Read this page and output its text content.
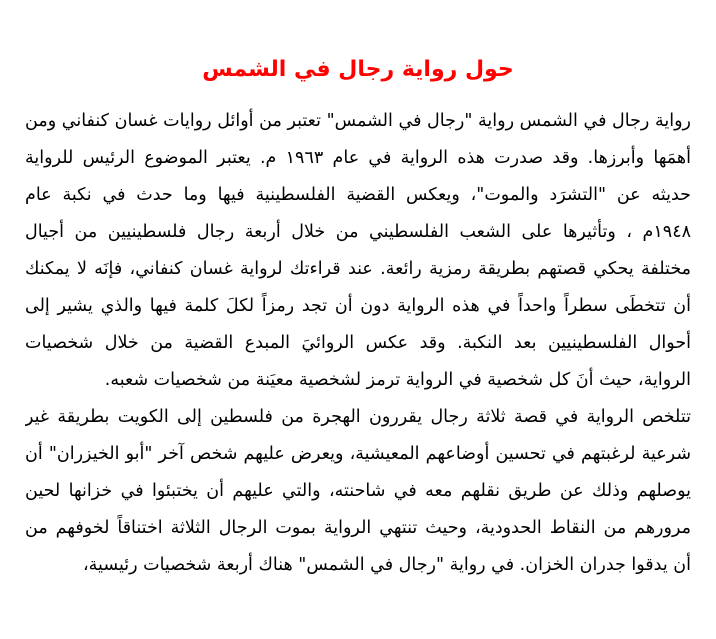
حول رواية رجال في الشمس
رواية رجال في الشمس رواية "رجال في الشمس" تعتبر من أوائل روايات غسان كنفاني ومن
أهمَها وأبرزها. وقد صدرت هذه الرواية في عام ١٩٦٣ م. يعتبر الموضوع الرئيس للرواية
حديثه عن "التشرَد والموت"، ويعكس القضية الفلسطينية فيها وما حدث في نكبة عام
١٩٤٨م ، وتأثيرها على الشعب الفلسطيني من خلال أربعة رجال فلسطينيين من أجيال
مختلفة يحكي قصتهم بطريقة رمزية رائعة. عند قراءتك لرواية غسان كنفاني، فإنَه لا يمكنك
أن تتخطَى سطراً واحداً في هذه الرواية دون أن تجد رمزاً لكلَ كلمة فيها والذي يشير إلى
أحوال الفلسطينيين بعد النكبة. وقد عكس الروائيَ المبدع القضية من خلال شخصيات
الرواية، حيث أنَ كل شخصية في الرواية ترمز لشخصية معيَنة من شخصيات شعبه.
تتلخص الرواية في قصة ثلاثة رجال يقررون الهجرة من فلسطين إلى الكويت بطريقة غير
شرعية لرغبتهم في تحسين أوضاعهم المعيشية، ويعرض عليهم شخص آخر "أبو الخيزران" أن
يوصلهم وذلك عن طريق نقلهم معه في شاحنته، والتي عليهم أن يختبئوا في خزانها لحين
مرورهم من النقاط الحدودية، وحيث تنتهي الرواية بموت الرجال الثلاثة اختناقاً لخوفهم من
أن يدقوا جدران الخزان. في رواية "رجال في الشمس" هناك أربعة شخصيات رئيسية،
